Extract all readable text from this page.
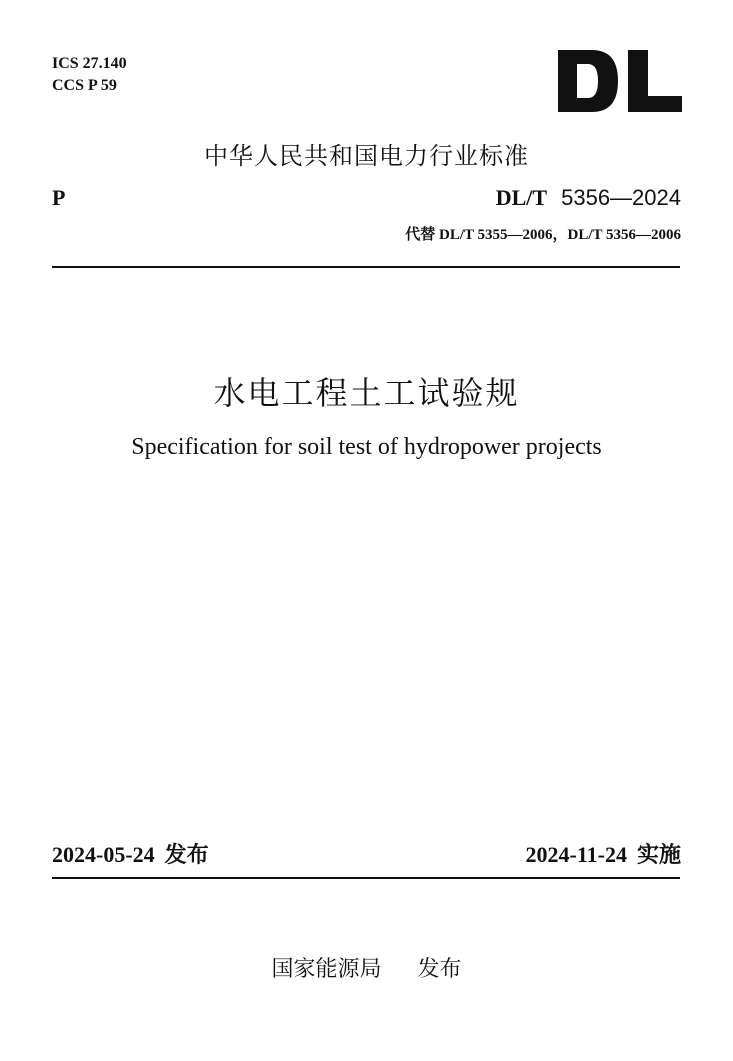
ICS 27.140
CCS P 59
中华人民共和国电力行业标准
P	DL/T 5356—2024
代替 DL/T 5355—2006，DL/T 5356—2006
水电工程土工试验规
Specification for soil test of hydropower projects
2024-05-24 发布	2024-11-24 实施
国家能源局 发布
